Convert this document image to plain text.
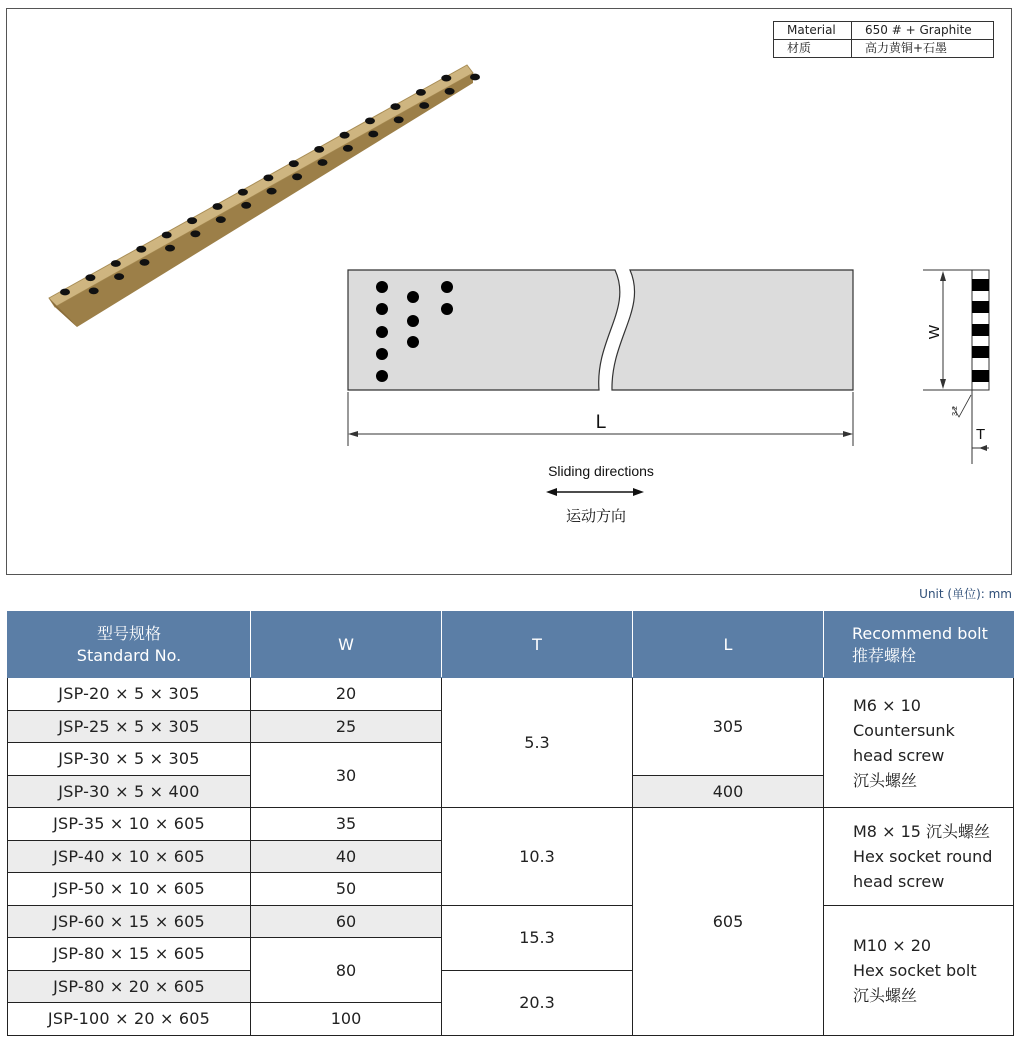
L
W
T
3.2
Sliding directions
运动方向
Material	650 # + Graphite
材质	高力黄铜+石墨
Unit (单位): mm
型号规格
Standard No.	W	T	L	Recommend bolt
推荐螺栓
JSP-20 × 5 × 305	20	5.3	305	M6 × 10
Countersunk
head screw
沉头螺丝

JSP-25 × 5 × 305	25			
JSP-30 × 5 × 305	30			
JSP-30 × 5 × 400			400	
JSP-35 × 10 × 605	35	10.3	605	M8 × 15 沉头螺丝
Hex socket round
head screw

JSP-40 × 10 × 605	40			
JSP-50 × 10 × 605	50			
JSP-60 × 15 × 605	60	15.3		M10 × 20
Hex socket bolt
沉头螺丝

JSP-80 × 15 × 605	80			
JSP-80 × 20 × 605		20.3		
JSP-100 × 20 × 605	100			
